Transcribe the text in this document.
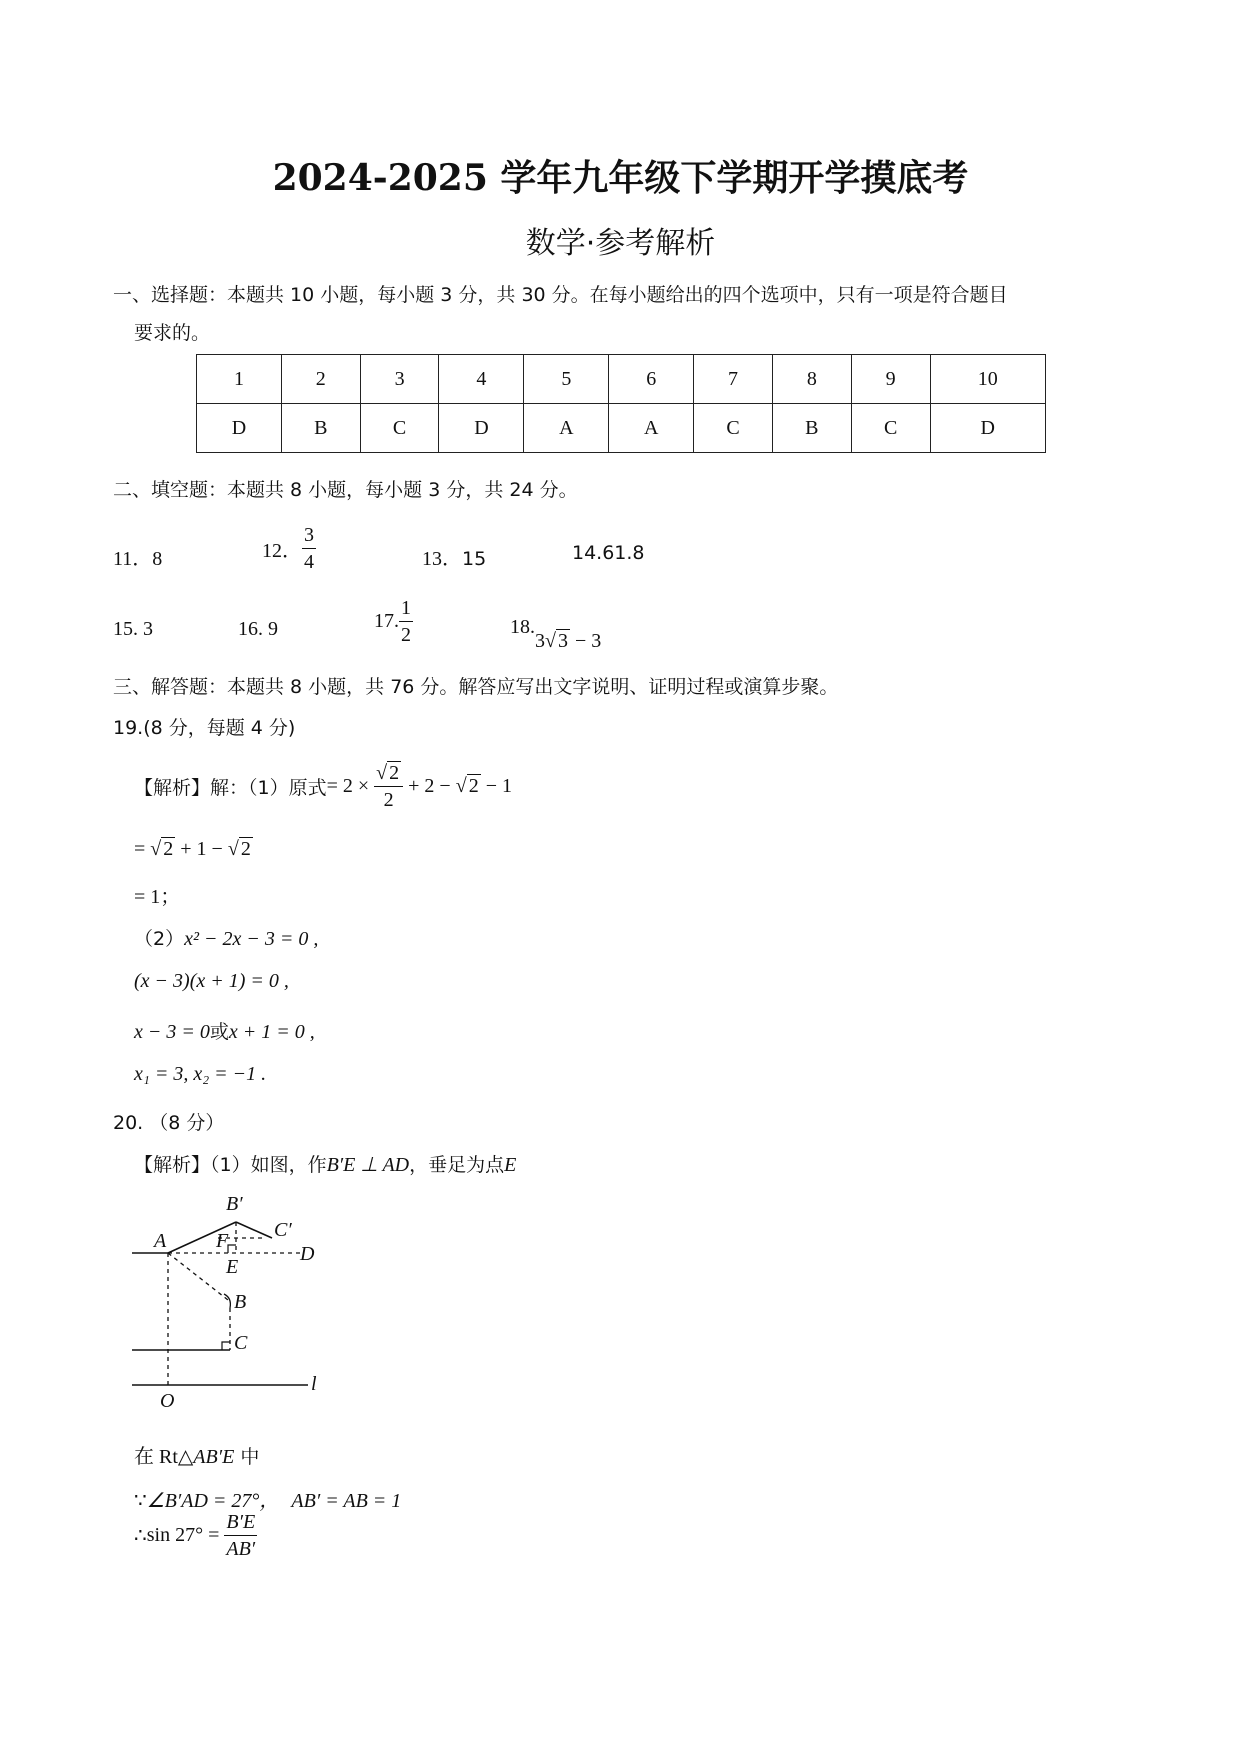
2024-2025 学年九年级下学期开学摸底考
数学·参考解析
一、选择题：本题共 10 小题，每小题 3 分，共 30 分。在每小题给出的四个选项中，只有一项是符合题目
要求的。
1	2	3	4	5	6	7	8	9	10
D	B	C	D	A	A	C	B	C	D
二、填空题：本题共 8 小题，每小题 3 分，共 24 分。
11．8	12． $\frac{3}{4}$	13．15	14.61.8
15. 3	16. 9	17. $\frac{1}{2}$	18.3√ 3 − 3
三、解答题：本题共 8 小题，共 76 分。解答应写出文字说明、证明过程或演算步聚。
19.(8 分，每题 4 分)
【解析】解：（1）原式= $2 \times \frac{√ 2}{2} + 2$ − √ 2 − 1
= √ 2 + 1 − √ 2
= 1；
（2）x² − 2x − 3 = 0 ,
(x − 3)(x + 1) = 0 ,
x − 3 = 0或x + 1 = 0 ,
x₁ = 3, x₂ = −1 .
20. （8 分）
【解析】（1）如图，作B′E ⊥ AD，垂足为点E
B′
C′
A F
E
D
B
C
O
l
在 Rt△AB′E 中
∵∠B′AD = 27°， AB′ = AB = 1
∴sin $27^\circ = \frac{B'E}{AB'}$
